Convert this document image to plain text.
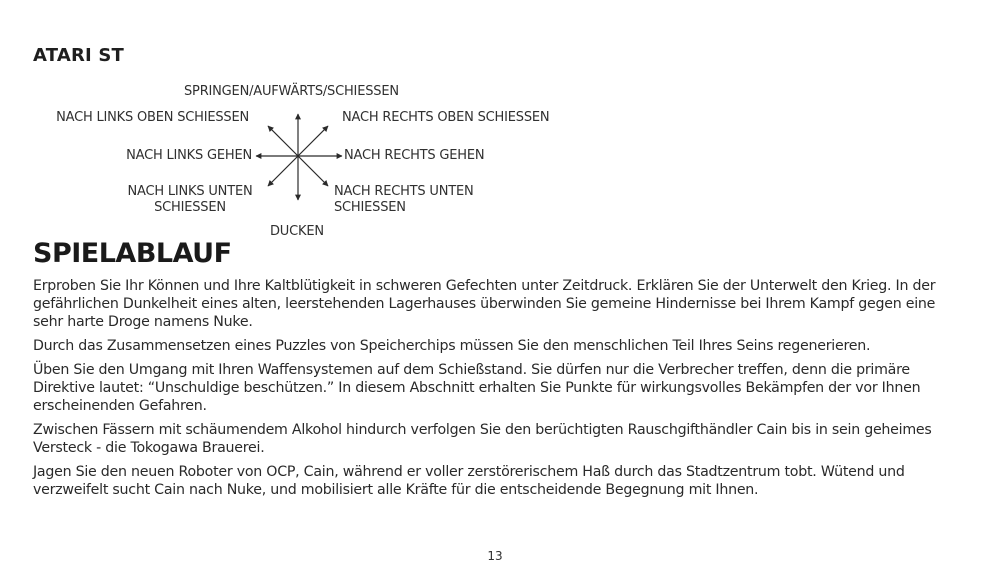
ATARI ST
SPRINGEN/AUFWÄRTS/SCHIESSEN
NACH LINKS OBEN SCHIESSEN	NACH RECHTS OBEN SCHIESSEN
NACH LINKS GEHEN	NACH RECHTS GEHEN
NACH LINKS UNTEN
SCHIESSEN
NACH RECHTS UNTEN
SCHIESSEN
DUCKEN
SPIELABLAUF

Erproben Sie Ihr Können und Ihre Kaltblütigkeit in schweren Gefechten unter Zeitdruck. Erklären Sie der Unterwelt den Krieg. In der gefährlichen Dunkelheit eines alten, leerstehenden Lagerhauses überwinden Sie gemeine Hindernisse bei Ihrem Kampf gegen eine sehr harte Droge namens Nuke.

Durch das Zusammensetzen eines Puzzles von Speicherchips müssen Sie den menschlichen Teil Ihres Seins regenerieren.

Üben Sie den Umgang mit Ihren Waffensystemen auf dem Schießstand. Sie dürfen nur die Verbrecher treffen, denn die primäre Direktive lautet: “Unschuldige beschützen.” In diesem Abschnitt erhalten Sie Punkte für wirkungsvolles Bekämpfen der vor Ihnen erscheinenden Gefahren.

Zwischen Fässern mit schäumendem Alkohol hindurch verfolgen Sie den berüchtigten Rauschgifthändler Cain bis in sein geheimes Versteck - die Tokogawa Brauerei.

Jagen Sie den neuen Roboter von OCP, Cain, während er voller zerstörerischem Haß durch das Stadtzentrum tobt. Wütend und verzweifelt sucht Cain nach Nuke, und mobilisiert alle Kräfte für die entscheidende Begegnung mit Ihnen.

13
